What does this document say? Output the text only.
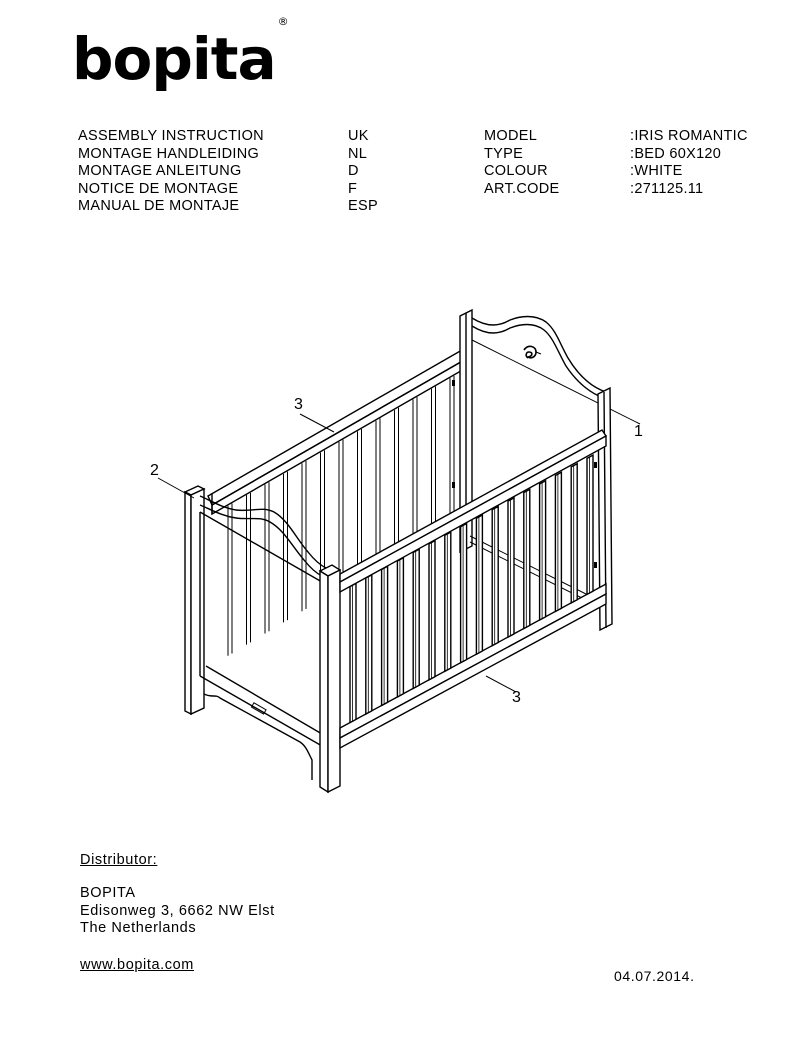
bopita®
ASSEMBLY INSTRUCTION
MONTAGE HANDLEIDING
MONTAGE ANLEITUNG
NOTICE DE MONTAGE
MANUAL DE MONTAJE
UK
NL
D
F
ESP
MODEL
TYPE
COLOUR
ART.CODE
:IRIS ROMANTIC
:BED 60X120
:WHITE
:271125.11
3
2
1
3
Distributor:
BOPITA
Edisonweg 3, 6662 NW Elst
The Netherlands
www.bopita.com
04.07.2014.
